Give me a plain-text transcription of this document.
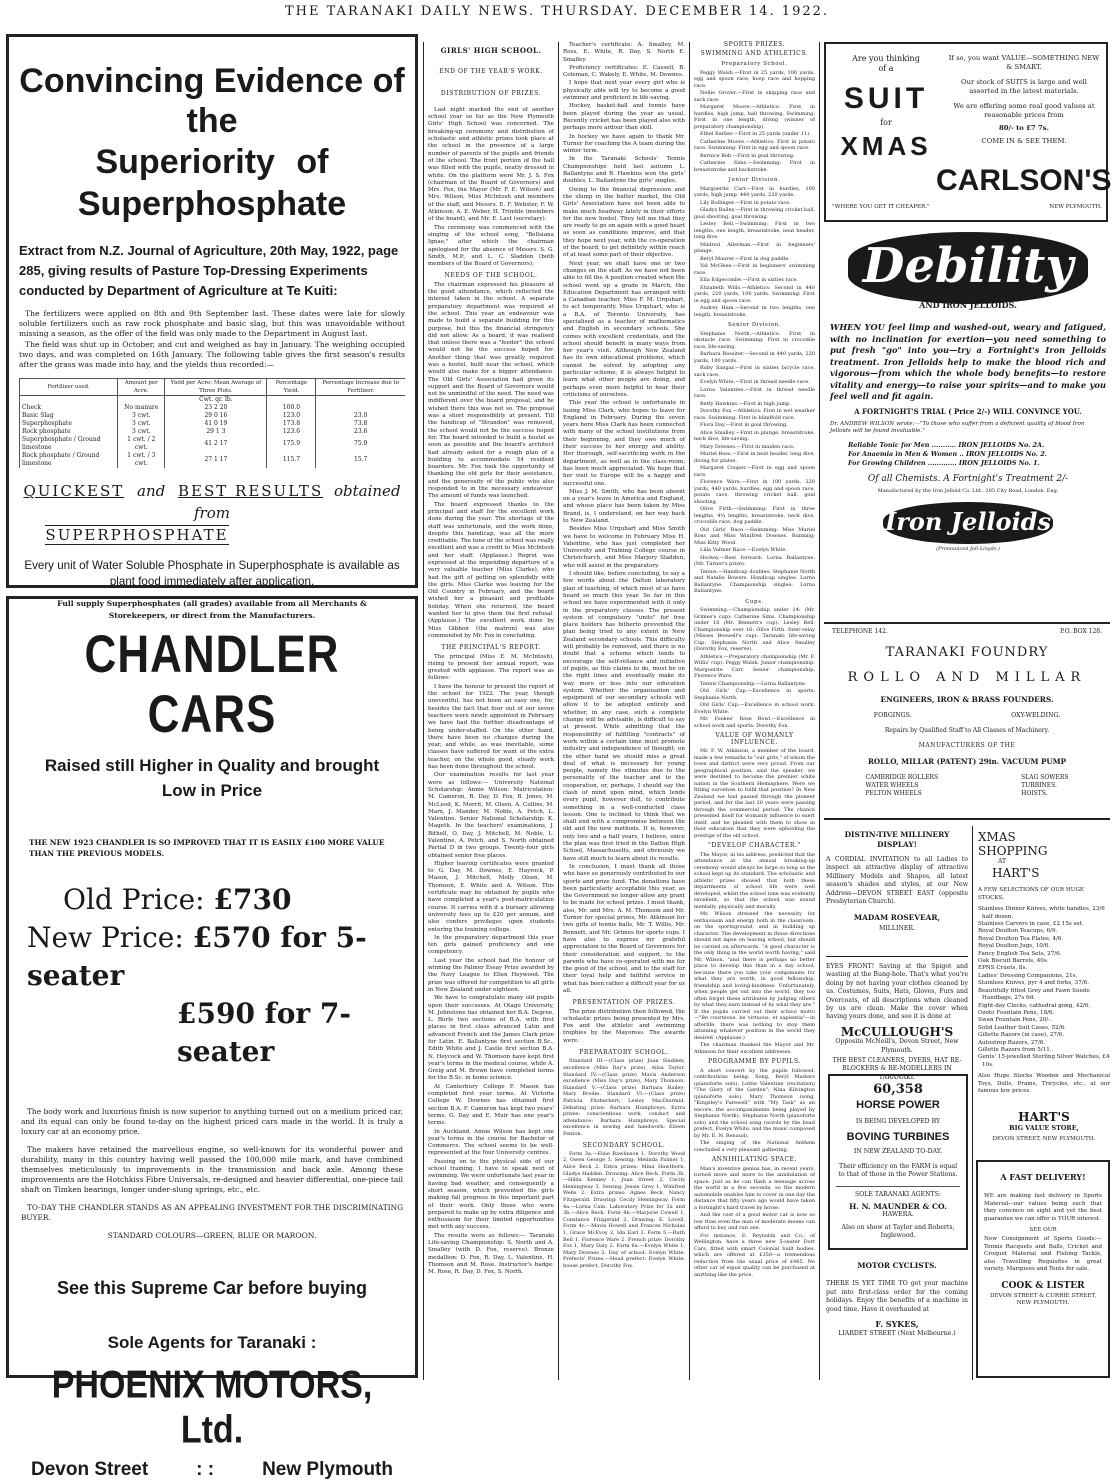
THE TARANAKI DAILY NEWS. THURSDAY. DECEMBER 14. 1922.
Convincing Evidence of the
Superiority of Superphosphate
Extract from N.Z. Journal of Agriculture, 20th May, 1922, page 285, giving results of Pasture Top-Dressing Experiments conducted by Department of Agriculture at Te Kuiti:

The fertilizers were applied on 8th and 9th September last. These dates were late for slowly soluble fertilizers such as raw rock phosphate and basic slag, but this was unavoidable without missing a season, as the offer of the field was only made to the Department in August last.

The field was shut up in October, and cut and weighed as hay in January. The weighing occupied two days, and was completed on 16th January. The following table gives the first season's results after the grass was made into hay, and the yields thus recorded:—

Fertilizer used.	Amount per Acre.	Yield per Acre: Mean Average of Three Plots.	Percentage Yield.	Percentage Increase due to Fertilizer.
		Cwt. qr. lb.		
Check	No manure	23 2 20	100.0	
Basic Slag	3 cwt.	29 0 16	123.0	23.0
Superphosphate	3 cwt.	41 0 19	173.8	73.8
Rock phosphate	3 cwt.	29 1 3	123.6	23.6
Superphosphate / Ground limestone	1 cwt. / 2 cwt.	41 2 17	175.9	75.9
Rock phosphate / Ground limestone	1 cwt. / 3 cwt.	27 1 17	115.7	15.7
QUICKEST and BEST RESULTS obtained from
SUPERPHOSPHATE
Every unit of Water Soluble Phosphate in Superphosphate is available as plant food immediately after application.
Full supply Superphosphates (all grades) available from all Merchants & Storekeepers, or direct from the Manufacturers.
CHANDLER CARS
Raised still Higher in Quality and brought Low in Price
THE NEW 1923 CHANDLER IS SO IMPROVED THAT IT IS EASILY £100 MORE VALUE THAN THE PREVIOUS MODELS.
Old Price: £730
New Price: £570 for 5-seater
£590 for 7-seater

The body work and luxurious finish is now superior to anything turned out on a medium priced car, and its equal can only be found to-day on the highest priced cars made in the world. It is truly a luxury car at an economy price.

The makers have retained the marvellous engine, so well-known for its wonderful power and durability, many in this country having well passed the 100,000 mile mark, and have combined themselves meticulously to improvements in the transmission and back axle. Among these improvements are the Hotchkiss Fibre Universals, re-designed and heavier differential, one-piece tail shaft on Timken bearings, longer under-slung springs, etc., etc.

TO-DAY THE CHANDLER STANDS AS AN APPEALING INVESTMENT FOR THE DISCRIMINATING BUYER.

STANDARD COLOURS—GREEN, BLUE OR MAROON.
See this Supreme Car before buying
Sole Agents for Taranaki :
PHOENIX MOTORS, Ltd.
Devon Street	: :	New Plymouth
GIRLS' HIGH SCHOOL.
END OF THE YEAR'S WORK.
DISTRIBUTION OF PRIZES.

Last night marked the end of another school year so far as the New Plymouth Girls' High School was concerned. The breaking-up ceremony and distribution of scholastic and athletic prizes took place at the school in the presence of a large number of parents of the pupils and friends of the school. The front portion of the hall was filled with the pupils, neatly dressed in white. On the platform were Mr. J. S. Fox (chairman of the Board of Governors) and Mrs. Fox, the Mayor (Mr. F. E. Wilson) and Mrs. Wilson, Miss McIntosh and members of the staff, and Messrs. E. F. Webster, F. W. Atkinson, A. E. Weber, H. Trimble (members of the board), and Mr. E. Last (secretary).

The ceremony was commenced with the singing of the school song, "Bellsiana Ignae," after which the chairman apologised for the absence of Messrs. S. G. Smith, M.P., and L. C. Sladden (both members of the Board of Governors).

NEEDS OF THE SCHOOL.

The chairman expressed his pleasure at the good attendance, which reflected the interest taken in the school. A separate preparatory department was required at the school. This year an endeavour was made to build a separate building for this purpose, but this the financial stringency did not allow. As a board, it was realised that unless there was a "feeder" the school would not be the success hoped for. Another thing that was greatly required was a hostel, built near the school, which would also make for a bigger attendance. The Old Girls' Association had given its support and the Board of Governors would not be unmindful of the need. The need was indifferent over the board proposal, and he wished there this was not so. The proposal was a short responsibility at present. Till the handicap of "Strandon" was removed, the school would not be the success hoped for. The board intended to build a hostel as soon as possible and the board's architect had already asked for a rough plan of a building to accommodate 54 resident boarders. Mr. Fox took the opportunity of thanking the old girls for their assistance, and the generosity of the public who also responded to in the necessary endeavour. The amount of funds was launched.

The board expressed thanks to the principal and staff for the excellent work done during the year. The shortage of the staff was unfortunate, and the work done, despite this handicap, was all the more creditable. The tone of the school was really excellent and was a credit to Miss McIntosh and her staff. (Applause.) Regret was expressed at the impending departure of a very valuable teacher (Miss Clarke), who had the gift of getting on splendidly with the girls. Miss Clarke was leaving for the Old Country in February, and the board wished her a pleasant and profitable holiday. When she returned, the board wanted her to give them the first refusal. (Applause.) The excellent work done by Miss Gibbon (the matron) was also commended by Mr. Fox in concluding.

THE PRINCIPAL'S REPORT.

The principal (Miss E. M. McIntosh), rising to present her annual report, was greeted with applause. The report was as follows:

I have the honour to present the report of the school for 1922. The year, though uneventful, has not been an easy one, for, besides the fact that four out of our seven teachers were newly appointed in February we have had the further disadvantage of being under-staffed. On the other hand, there have been no changes during the year, and while, as was inevitable, some classes have suffered for want of the extra teacher, on the whole good, steady work has been done throughout the school.

Our examination results for last year were as follows:— University National Scholarship: Annie Wilson. Matriculation: M. Cameron, R. Day, D. Fox, B. Jones, M. McLeod, K. Morrit, M. Olsen, A. Collins, M. Marx, J. Mander, M. Noble, A. Petch, L. Valentine. Senior National Scholarship: K. Mageth. In the teachers' examinations, J. Bithell, O. Day, J. Mitchell, M. Noble, L. Valentine, A. Petch, and S. North obtained Partial D in two groups. Twenty-four girls obtained senior free places.

Higher leaving certificates were granted to G. Day, M. Downes, E. Hayrock, P. Mason, J. Mitchell, Molly Olsen, M. Thomson, E. White and A. Wilson. This certificate may be obtained by pupils who have completed a year's post-matriculation course. It carries with it a bursary allowing university fees up to £20 per annum, and also confers privileges upon students entering the training college.

In the preparatory department this year ten girls gained proficiency and one competency.

Last year the school had the honour of winning the Palmer Essay Prize awarded by the Navy League to Ellen Heywood. The prize was offered for competition to all girls in New Zealand under eighteen.

We have to congratulate many old pupils upon their successes. At Otago University, M. Johnstone has obtained her B.A. Degree, L. Burle two sections of B.A. with first places in first class advanced Latin and advanced French and the James Clark prize for Latin. E. Ballantyne first section B.Sc., Edith White and J. Castle first section B.A. N. Heycock and W. Thomson have kept first year's terms in the medical course, while A. Greig and M. Brown have completed terms for the B.Sc. in home science.

At Canterbury College F. Mason has completed first year terms. At Victoria College W. Downes has obtained first section B.A. F. Cameron has kept two years' terms, G. Day and E. Muir has one year's terms.

In Auckland, Annie Wilson has kept one year's terms in the course for Bachelor of Commerce. The school seems to be well-represented at the four University centres.

Passing on to the physical side of our school training, I have to speak next of swimming. We were unfortunate last year in having bad weather, and consequently a short season, which prevented the girls making fall progress in this important part of their work. Only those who were prepared to make up by extra diligence and enthusiasm for their limited opportunities met with any success.

The results were as follows:— Taranaki Life-saving Championship: S. North and A. Smalley (with D. Fox, reserve). Bronze medallion: D. Fox, R. Day, L. Valentine, H. Thomson and M. Rose. Instructor's badge: M. Rose, R. Day, D. Fox, S. North.

Teacher's certificate: A. Smalley, M. Ross, E. White, R. Day, S. North E. Smalley.

Proficiency certificates: E. Cassell, B. Coleman, C. Wakely, E. White, M. Downes.

I hope that next year every girl who is physically able will try to become a good swimmer and proficient in life-saving.

Hockey, basket-ball and tennis have been played during the year as usual. Recently cricket has been played also with perhaps more ardour than skill.

In hockey we have again to thank Mr. Turner for coaching the A team during the winter term.

In the Taranaki Schools' Tennis Championships held last autumn L. Ballantyne and B. Hawkins won the girls' doubles, L. Ballantyne the girls' singles.

Owing to the financial depression and the slump in the butter market, the Old Girls' Association have not been able to make much headway lately in their efforts for the new hostel. They tell me that they are ready to go on again with a good heart as soon as conditions improve, and that they hope next year, with the co-operation of the board, to get definitely within reach of at least some part of their objective.

Next year, we shall have one or two changes on the staff. As we have not been able to fill the A position created when the school went up a grade in March, the Education Department has arranged with a Canadian teacher, Miss F. M. Urquhart, to act temporarily. Miss Urquhart, who is a B.A. of Toronto University, has specialised as a teacher of mathematics and English in secondary schools. She comes with excellent credentials, and the school should benefit in many ways from her year's visit. Although New Zealand has its own educational problems, which cannot be solved by adopting any particular scheme, it is always helpful to learn what other people are doing, and perhaps even more helpful to hear their criticisms of ourselves.

This year the school is unfortunate in losing Miss Clark, who hopes to leave for England in February. During the seven years here Miss Clark has been connected with many of the school institutions from their beginning, and they owe much of their success to her energy and ability. Her thorough, self-sacrificing work in the department, as well as in the class-room, has been much appreciated. We hope that her visit to Europe will be a happy and successful one.

Miss J. M. Smith, who has been absent on a year's leave in America and England, and whose place has been taken by Miss Brand, is, I understand, on her way back to New Zealand.

Besides Miss Urquhart and Miss Smith we have to welcome in February Miss H. Valentine, who has just completed her University and Training College course in Christchurch, and Miss Marjory Sladden, who will assist in the preparatory.

I should like, before concluding, to say a few words about the Dalton laboratory plan of teaching, of which most of us have heard so much this year. So far in this school we have experimented with it only in the preparatory classes. The present system of compulsory "units" for free place holders has hitherto prevented the plan being tried to any extent in New Zealand secondary schools. This difficulty will probably be removed, and there is no doubt that a scheme which tends to encourage the self-reliance and initiative of pupils, as this claims to do, must be on the right lines and eventually make its way more or less into our education system. Whether the organisation and equipment of our secondary schools will allow it to be adopted entirely and whether, in any case, such a complete change will be advisable, is difficult to say at present. While admitting that the responsibility of fulfilling "contracts" of work within a certain time must promote industry and independence of thought, on the other hand we should miss a great deal of what is necessary for young people, namely the stimulus due to the personality of the teacher and to the cooperation, or, perhaps, I should say the clash of mind upon mind, which lends every pupil, however dull, to contribute something in a well-conducted class lesson. One is inclined to think that we shall end with a compromise between the old and the new methods. It is, however, only two and a half years, I believe, since the plan was first tried in the Dalton High School, Massachusetts, and obviously we have still much to learn about its results.

In conclusion, I must thank all those who have so generously contributed to our sports and prize fund. The donations have been particularly acceptable this year, as the Government no longer allow any grant to be made for school prizes. I must thank, also, Mr. and Mrs. A. M. Thomson and Mr. Turner for special prizes, Mr. Atkinson for two gifts of tennis balls, Mr. T. Willis, Mr. Bennett, and Mr. Grimes for sports cups. I have also to express my grateful appreciation to the Board of Governors for their consideration and support, to the parents who have co-operated with me for the good of the school, and to the staff for their loyal help and faithful service in what has been rather a difficult year for us all.

PRESENTATION OF PRIZES.

The prize distribution then followed, the scholastic prizes being presented by Mrs. Fox and the athletic and swimming trophies by the Mayoress. The awards were:

PREPARATORY SCHOOL.

Standard III.—(Class prize) Joan Sladden; excellence (Miss Day's prize), Ailsa Taylor. Standard IV.—(Class prize) Mavis Anderson excellence (Miss Day's prize), Mary Thomson. Standard V.—(Class prize) Barbara Bailey; Mary Brodie. Standard VI.—(Class prize) Patricia Fitzherbert; Lesley MacDiarmid. Debating prize: Barbara Humphreys. Extra prizes: conscientious work, conduct and attendance: Barbara Humphreys. Special excellence in sewing and handwork: Eileen Fenton.

SECONDARY SCHOOL.

Form 3a.—Elsie Rawlinson 1, Dorothy Wood 2, Gwen George 3. Sewing: Melinda Palmer 1, Alice Beck 2. Extra prizes: Mina Hawthorn, Gladys Hadden. Drawing: Alice Beck. Form 3b.—Hilda Kenney 1, Joan Street 2, Cecily Hemingway 3. Sewing: Jessie Grey 1, Winifred Wells 2. Extra prizes: Agnes Beck, Nancy Fitzgerald. Drawing: Cecily Hemingway. Form 4a.—Lorna Cain. Laboratory Prize for 3a and 3b.—Alice Beck. Form 4b.—Marjorie Cowell 1, Constance Fitzgerald 2. Drawing: E. Lovell. Form 4c.—Mavis Howell and Frances Nicholas 1, Grace McEvoy 2, Ida Earl 3. Form 5.—Ruth Bell 1, Florence Ware 2. French prize: Dorothy Fox 1, Mary Daly 2. Form 6a.—Evelyn White 1, Mary Downes 2. Day of school: Evelyn White. Prefects' Prizes.—Head prefect: Evelyn White; house prefect, Dorothy Fox.

SPORTS PRIZES.
SWIMMING AND ATHLETICS.
Preparatory School.

Peggy Walsh.—First in 25 yards, 100 yards, egg and spoon race, hoop race and hopping race.

Nellie Grover.—First in skipping race and sack race.

Margaret Moore.—Athletics: First in hurdles, high jump, ball throwing. Swimming: First in one length, diving (winner of preparatory championship).

Ethel Barber.—First in 25 yards (under 11).

Catherine Moore.—Athletics: First in potato race. Swimming: First in egg and spoon race.

Bernice Bob.—First in goal throwing.

Catherine Sims.—Swimming: First in breaststroke and backstroke.

Junior Division.

Marguerite Carr.—First in hurdles, 100 yards, high jump, 440 yards, 220 yards.

Lily Bollinger.—First in potato race.

Gladys Bailey.—First in throwing cricket ball, goal shooting, goal throwing.

Lesley Bell.—Swimming: First in two lengths, one length, breaststroke, neat header, long dive.

Mildred Allerman.—First in beginners' plunge.

Beryl Maurer.—First in dog paddle.

Val McGhee.—First in beginners' swimming race.

Ella Edgecombe.—First in sixties race.

Elizabeth Wills.—Athletics: Second in 440 yards, 220 yards, 100 yards. Swimming: First in egg and spoon race.

Audrey Ham.—Second in two lengths, one length, breaststroke.

Senior Division.

Stephanie North.—Athletics: First in obstacle race. Swimming: First in crocodile race, life-saving.

Barbara Rossiter.—Second in 440 yards, 220 yards, 100 yards.

Ruby Sangar.—First in sixties bicycle race, sack race.

Evelyn White.—First in thread needle race.

Lorna Valentine.—First in thread needle race.

Betty Hawkins.—First in high jump.

Dorothy Fox.—Athletics: First in wet weather race. Swimming: First in blindfold race.

Flora Day.—First in goal throwing.

Alice Smalley.—First in plunge, breaststroke, neck dive, life-saving.

Mary Downes.—First in maiden race.

Muriel Ross.—First in neat header, long dive, diving for plates.

Margaret Cooper.—First in egg and spoon race.

Florence Ware.—First in 100 yards, 220 yards, 440 yards, hurdles, egg and spoon race, potato race, throwing cricket ball, goal shooting.

Olive Firth.—Swimming: First in three lengths, 4¼ lengths, breaststroke, neck dive, crocodile race, dog paddle.

Old Girls' Race.—Swimming: Miss Muriel Ross and Miss Winifred Downes. Running: Miss Kitty Wood.

Lilla Valtner Race.—Evelyn White.

Hockey.—Best forward: Lorna Ballantyne. (Mr. Turner's prize).

Tennis.—Handicap doubles: Stephanie North and Natalie Bowers. Handicap singles: Lorna Ballantyne. Championship singles: Lorna Ballantyne.

Cups.

Swimming.—Championship under 14: (Mr. Grimes's cup): Catherine Sims. Championship under 16 (Mr. Bennett's cup): Lesley Bell. Championship over 16: Olive Firth. Inter-relay (Misses Boswell's cup): Taranaki life-saving Cup: Stephanie North and Alice Smalley (Dorothy Fox, reserve).

Athletics.—Preparatory championship (Mr. F. Willis' cup): Peggy Walsh. Junior championship: Marguerite Carr. Senior championship: Florence Ware.

Tennis Championship.—Lorna Ballantyne.

Old Girls' Cup.—Excellence in sports: Stephanie North.

Old Girls' Cup.—Excellence in school work: Evelyn White.

Mr. Fookes' Rose Bowl.—Excellence in school work and sports: Dorothy Fox.

VALUE OF WOMANLY INFLUENCE.

Mr. F. W. Atkinson, a member of the board, made a few remarks to "our girls," of whom the town and district were very proud. From our geographical position, said the speaker, we were destined to become the premier white nation in the Southern Hemisphere. Were we fitting ourselves to fulfil that position? In New Zealand we had passed through the pioneer period, and for the last 20 years were passing through the commercial period. The chance presented itself for womanly influence to exert itself, and he pleaded with them to show in their education that they were upholding the prestige of the old school.

"DEVELOP CHARACTER."

The Mayor, in his address, predicted that the attendance at the annual breaking-up ceremony would always be large so long as the school kept up its standard. The scholastic and athletic prizes showed that both these departments of school life were well developed, whilst the school tone was evidently excellent, so that the school was sound mentally, physically and morally.

Mr. Wilson stressed the necessity for enthusiasm and energy both in the classroom, on the sportsground, and in building up character. The development in those directions should not lapse on leaving school, but should be carried on afterwards. "A good character is the only thing in the world worth having," said Mr. Wilson, "and there is perhaps no better place to develop this than in a day school, because there you take your companions for what they are worth, in good fellowship, friendship and loving-kindness. Unfortunately, when people get out into the world, they too often forget these attributes by judging others by what they earn instead of by what they are." If the pupils carried out their school motto—"Be courteous, be virtuous, et sapientia"—in afterlife, there was nothing to stop them attaining whatever position in the world they desired. (Applause.)

The chairman thanked the Mayor and Mr. Atkinson for their excellent addresses.

PROGRAMME BY PUPILS.

A short concert by the pupils followed, contributions being: Song, Beryl Masters (pianoforte solo), Lottie Valentine (recitation) "The Glory of the Garden"; Nina Kilvington (pianoforte solo), Mary Thomson (song, "Kingsley's Farewell" with "My Task" as an encore, the accompaniments being played by Stephanie North); Stephanie North (pianoforte solo) and the school song (words by the head prefect, Evelyn White, and the music composed by Mr. E. N. Renaud).

The singing of the National Anthem concluded a very pleasant gathering.

ANNIHILATING SPACE.

Man's inventive genius has, in recent years, turned more and more to the annihilation of space. Just as he can flash a message across the world in a few seconds, so the modern automobile enables him to cover in one day the distance that fifty years ago would have taken a fortnight's hard travel by horse.

And the cost of a good motor car is now so low than even the man of moderate means can afford to buy and run one.

For instance, E. Reynolds and Co., of Wellington, have a three new 5-seater Dort Cars, fitted with smart Colonial built bodies, which are offered at £350—a tremendous reduction from the usual price of £465. No other car of equal quality can be purchased at anything like the price.

Are you thinking of a
SUIT
for
XMAS
If so, you want VALUE—SOMETHING NEW & SMART.
Our stock of SUITS is large and well assorted in the latest materials.
We are offering some real good values at reasonable prices from
80/- to £7 7s.
COME IN & SEE THEM.
CARLSON'S
"WHERE YOU GET IT CHEAPER."	NEW PLYMOUTH.
Debility
AND IRON JELLOIDS.
WHEN YOU feel limp and washed-out, weary and fatigued, with no inclination for exertion—you need something to put fresh "go" into you—try a Fortnight's Iron Jelloids treatment. Iron Jelloids help to make the blood rich and vigorous—from which the whole body benefits—to restore vitality and energy—to raise your spirits—and to make you feel well and fit again.
A FORTNIGHT'S TRIAL ( Price 2/-) WILL CONVINCE YOU.
Dr. ANDREW WILSON wrote:—"To those who suffer from a deficient quality of blood Iron Jelloids will be found invaluable."
Reliable Tonic for Men ........... IRON JELLOIDS No. 2A.
For Anaemia in Men & Women .. IRON JELLOIDS No. 2.
For Growing Children ............. IRON JELLOIDS No. 1.
Of all Chemists. A Fortnight's Treatment 2/-
Manufactured by the Iron Jelloid Co. Ltd., 205 City Road, London. Eng.
Iron Jelloids
(Pronounced Jell-Lloyds.)
TELEPHONE 142.	P.O. BOX 128.
TARANAKI FOUNDRY
ROLLO AND MILLAR
ENGINEERS, IRON & BRASS FOUNDERS.
FORGINGS.	OXY-WELDING.
Repairs by Qualified Staff to All Classes of Machinery.
MANUFACTURERS OF THE
ROLLO, MILLAR (PATENT) 29in. VACUUM PUMP
CAMBRIDGE ROLLERS
WATER WHEELS
PELTON WHEELS
SLAG SOWERS
TURBINES.
HOISTS.
DISTIN-TIVE MILLINERY DISPLAY!
A CORDIAL INVITATION to all Ladies to inspect an attractive display of attractive Millinery Models and Shapes, all latest season's shades and styles, at our New Address—DEVON STREET EAST (opposite Presbyterian Church).
MADAM ROSEVEAR,
MILLINER.
EYES FRONT! Saving at the Spigot and wasting at the Bung-hole. That's what you're doing by not having your clothes cleaned by us. Costumes, Suits, Hats, Gloves, Furs and Overcoats, of all descriptions when cleaned by us are clean. Make the cover when having yours done, and see it is done at
McCULLOUGH'S
Opposite McNeill's, Devon Street, New Plymouth.
THE BEST CLEANERS, DYERS, HAT RE-BLOCKERS & RE-MODELLERS IN TARANAKI.
60,358
HORSE POWER
IS BEING DEVELOPED BY
BOVING TURBINES
IN NEW ZEALAND TO-DAY.
Their efficiency on the FARM is equal to that of those in the Power Stations.
SOLE TARANAKI AGENTS:
H. N. MAUNDER & CO.
HAWERA.
Also on show at Taylor and Roberts, Inglewood.
MOTOR CYCLISTS.
THERE IS YET TIME TO get your machine put into first-class order for the coming holidays. Enjoy the benefits of a machine in good time. Have it overhauled at
F. SYKES,
LIARDET STREET (Next Melbourne.)
XMAS
SHOPPING
AT
HART'S
A FEW SELECTIONS OF OUR HUGE STOCKS.
Stainless Dinner Knives, white handles, 23/6 half dozen.
Stainless Carvers in case, £2 15s set.
Royal Doulton Teacups, 6/9.
Royal Doulton Tea Plates, 4/6.
Royal Doulton Jugs, 10/6.
Fancy English Tea Sets, 27/6.
Oak Biscuit Barrels, 40s.
EPNS Cruets, 8s.
Ladies' Dressing Companions, 21s.
Stainless Knives, pyr 4 and forks, 37/6.
Beautifully fitted Grey and Fawn Suede Handbags, 27s 6d.
Eight-day Clocks, cathedral gong, 42/6.
Ozoto Fountain Pens, 18/6.
Swan Fountain Pens, 20/-.
Solid Leather Suit Cases, 52/6.
Gillette Razors (in case), 27/6.
Autostrop Razors, 27/6.
Gillette Razors from 5/11.
Gents' 15-jewelled Sterling Silver Watches, £4 10s.
Also Huge Stocks Wooden and Mechanical Toys, Dolls, Prams, Tricycles, etc., at our famous low prices.
HART'S
BIG VALUE STORE,
DEVON STREET, NEW PLYMOUTH.
A FAST DELIVERY!
WE are making fast delivery in Sports Material—our values being such that they convince on sight and yet the best guarantee we can offer is YOUR interest.
SEE OUR
New Consignment of Sports Goods:—Tennis Racquets and Balls, Cricket and Croquet Material and Fishing Tackle, also Travelling Requisites in great variety. Marquees and Tents for sale.
COOK & LISTER
DEVON STREET & CURRIE STREET, NEW PLYMOUTH.
